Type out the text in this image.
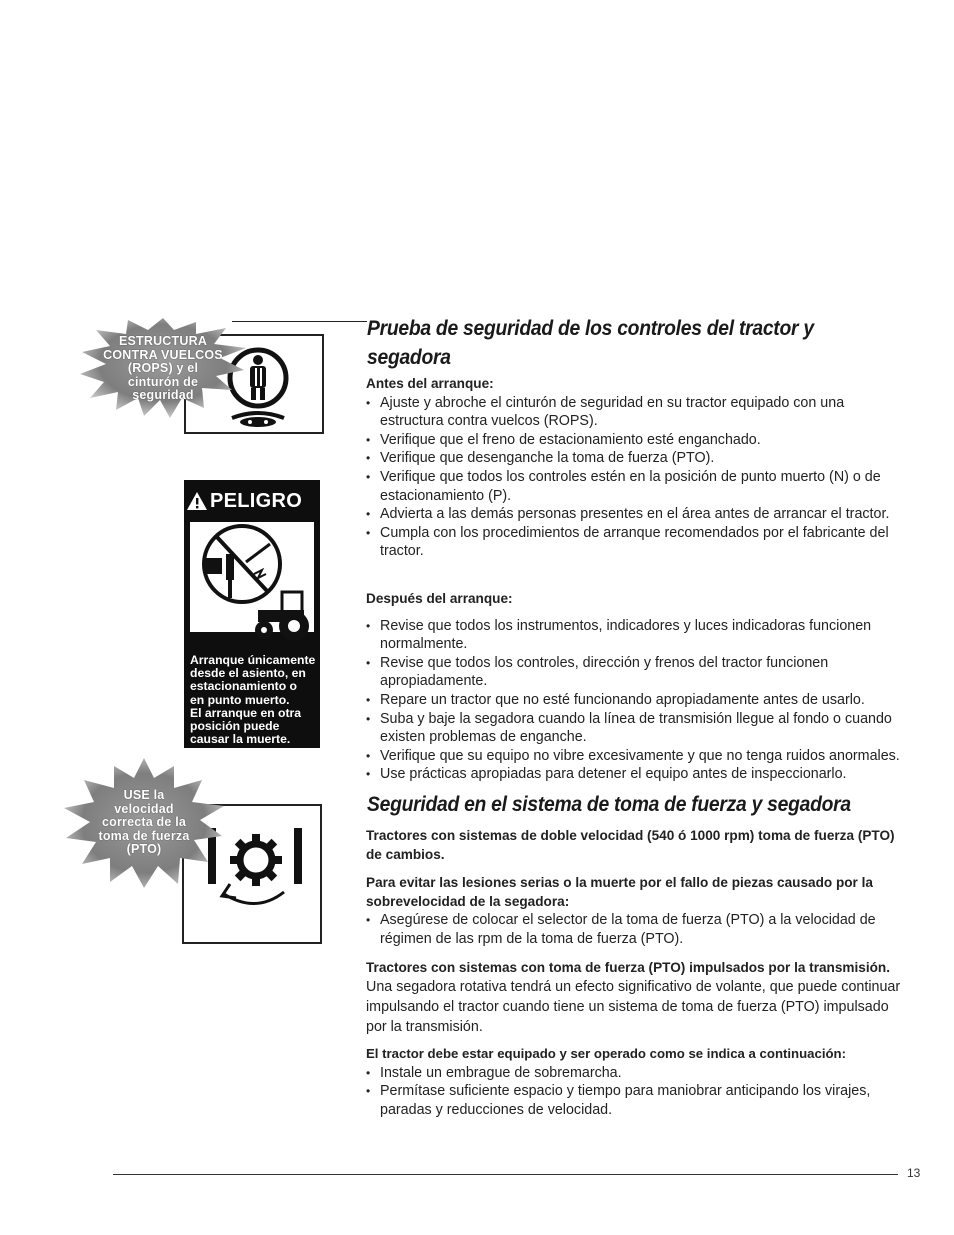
ESTRUCTURA
CONTRA VUELCOS
(ROPS) y el
cinturón de
seguridad
PELIGRO
Arranque únicamente
desde el asiento, en
estacionamiento o
en punto muerto.
El arranque en otra
posición puede
causar la muerte.
USE la
velocidad
correcta de la
toma de fuerza
(PTO)
Prueba de seguridad de los controles del tractor y segadora
Antes del arranque:
• Ajuste y abroche el cinturón de seguridad en su tractor equipado con una estructura contra vuelcos (ROPS).
• Verifique que el freno de estacionamiento esté enganchado.
• Verifique que desenganche la toma de fuerza (PTO).
• Verifique que todos los controles estén en la posición de punto muerto (N) o de estacionamiento (P).
• Advierta a las demás personas presentes en el área antes de arrancar el tractor.
• Cumpla con los procedimientos de arranque recomendados por el fabricante del tractor.
Después del arranque:
• Revise que todos los instrumentos, indicadores y luces indicadoras funcionen normalmente.
• Revise que todos los controles, dirección y frenos del tractor funcionen apropiadamente.
• Repare un tractor que no esté funcionando apropiadamente antes de usarlo.
• Suba y baje la segadora cuando la línea de transmisión llegue al fondo o cuando existen problemas de enganche.
• Verifique que su equipo no vibre excesivamente y que no tenga ruidos anormales.
• Use prácticas apropiadas para detener el equipo antes de inspeccionarlo.
Seguridad en el sistema de toma de fuerza y segadora

Tractores con sistemas de doble velocidad (540 ó 1000 rpm) toma de fuerza (PTO) de cambios.

Para evitar las lesiones serias o la muerte por el fallo de piezas causado por la sobrevelocidad de la segadora:

• Asegúrese de colocar el selector de la toma de fuerza (PTO) a la velocidad de régimen de las rpm de la toma de fuerza (PTO).

Tractores con sistemas con toma de fuerza (PTO) impulsados por la transmisión.

Una segadora rotativa tendrá un efecto significativo de volante, que puede continuar impulsando el tractor cuando tiene un sistema de toma de fuerza (PTO) impulsado por la transmisión.

El tractor debe estar equipado y ser operado como se indica a continuación:

• Instale un embrague de sobremarcha.
• Permítase suficiente espacio y tiempo para maniobrar anticipando los virajes, paradas y reducciones de velocidad.
13
